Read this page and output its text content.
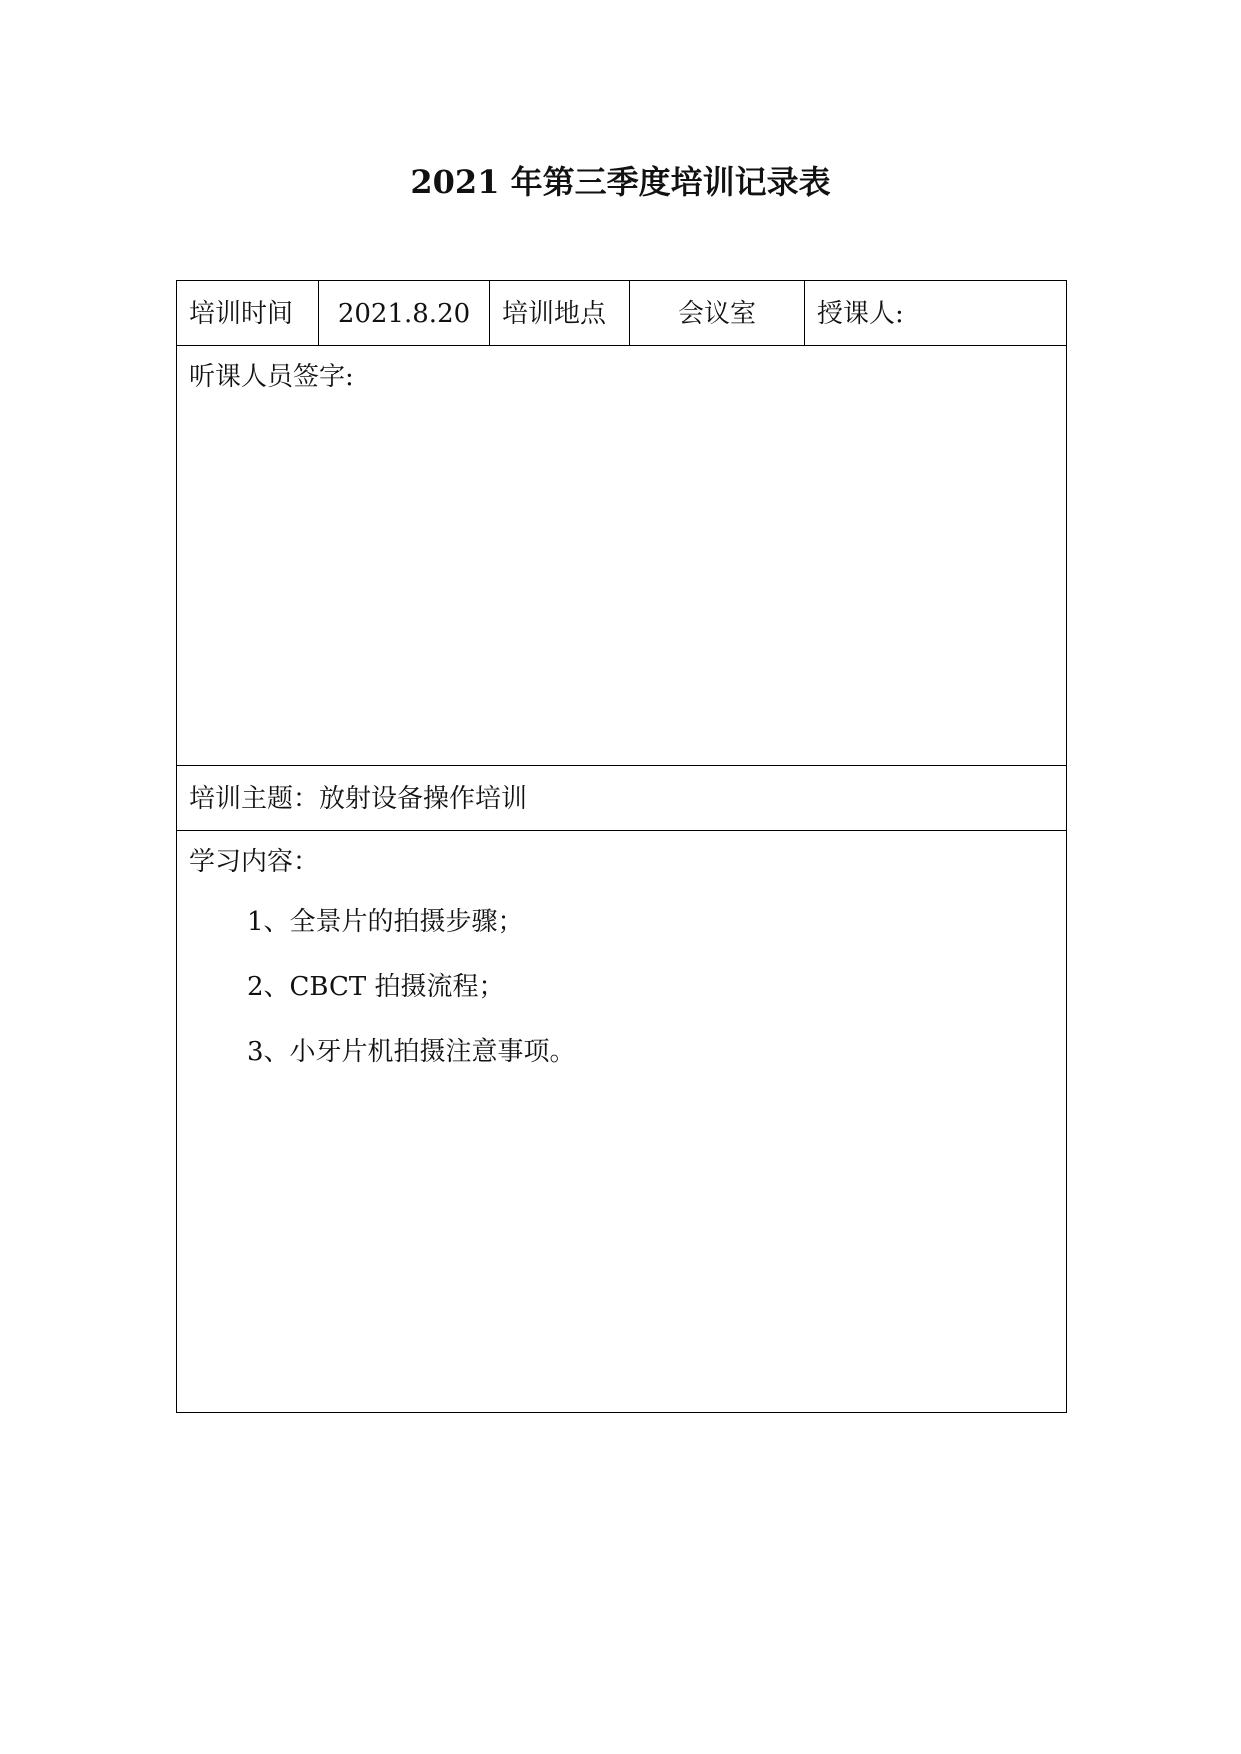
2021 年第三季度培训记录表
培训时间	2021.8.20	培训地点	会议室	授课人:
听课人员签字:
培训主题：放射设备操作培训

学习内容：
1、全景片的拍摄步骤；
2、CBCT 拍摄流程；
3、小牙片机拍摄注意事项。
